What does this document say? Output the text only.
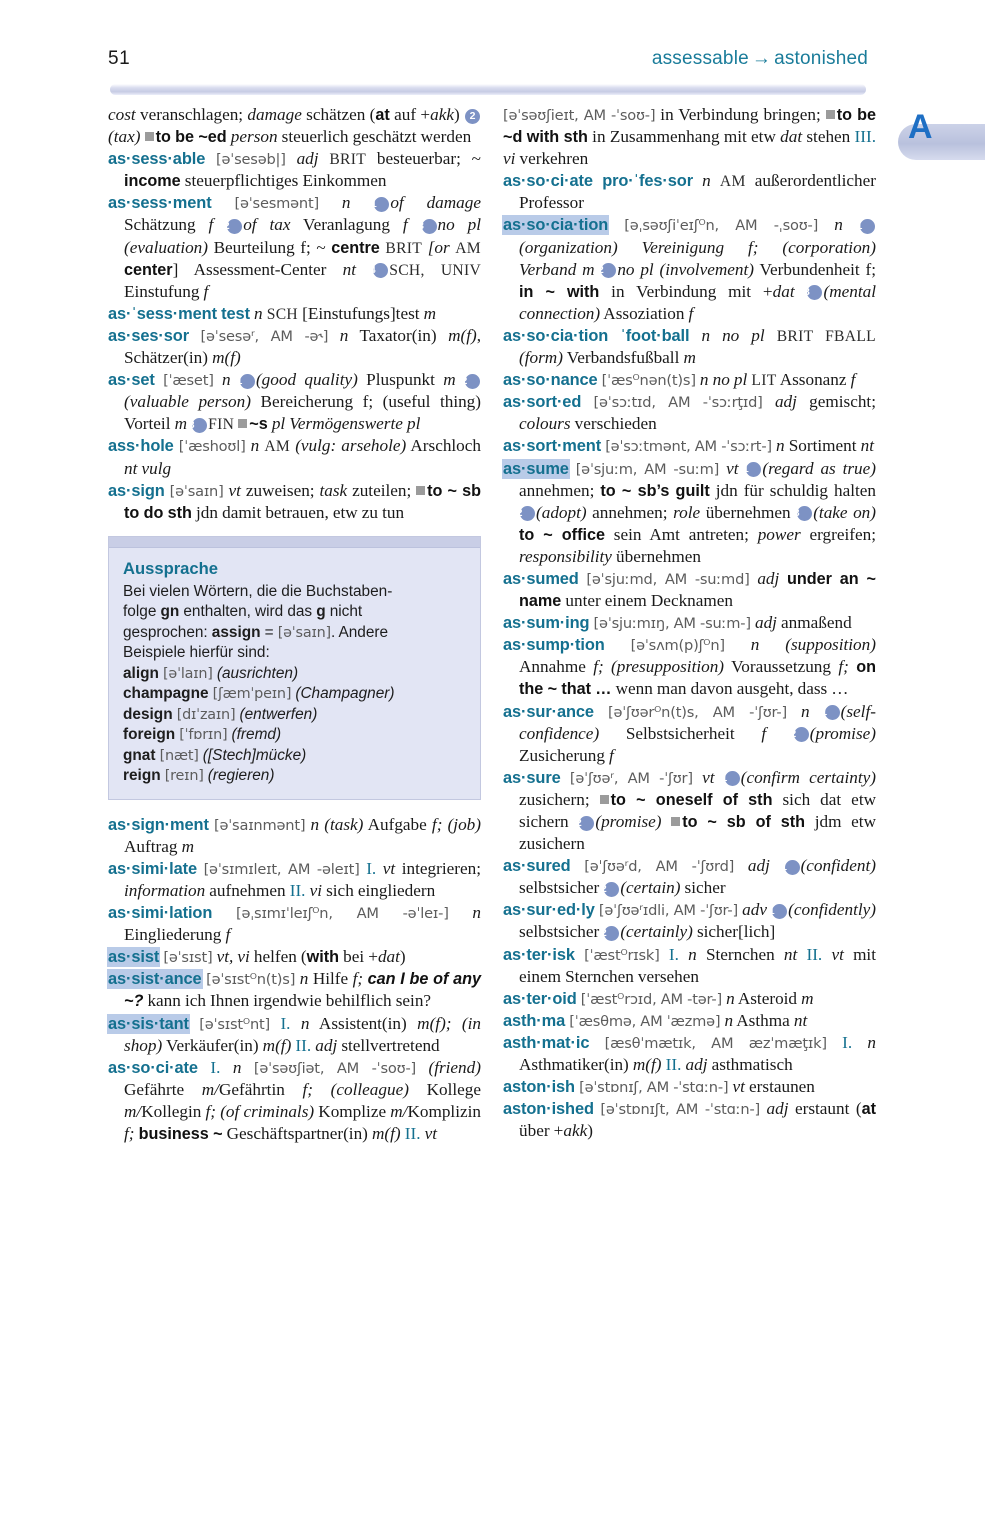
51	assessable → astonished
A

cost veranschlagen; damage schätzen (at auf +akk) 2(tax) to be ~ed person steuerlich geschätzt werden

as·sess·able [əˈsesəb|] adj BRIT besteuerbar; ~ income steuerpflichtiges Einkommen

as·sess·ment [əˈsesmənt] n 1 of damage Schätzung f 2 of tax Veranlagung f 3 no pl (evaluation) Beurteilung f; ~ centre BRIT [or AM center] Assessment-Center nt 4 SCH, UNIV Einstufung f

as·ˈsess·ment test n SCH [Einstufungs]test m

as·ses·sor [əˈsesəʳ, AM -ə˞] n Taxator(in) m(f), Schätzer(in) m(f)

as·set [ˈæset] n 1 (good quality) Pluspunkt m 2(valuable person) Bereicherung f; (useful thing) Vorteil m 3 FIN ~s pl Vermögenswerte pl

ass·hole [ˈæshoʊl] n AM (vulg: arsehole) Arschloch nt vulg

as·sign [əˈsaɪn] vt zuweisen; task zuteilen; to ~ sb to do sth jdn damit betrauen, etw zu tun

Aussprache
Bei vielen Wörtern, die die Buchstaben-
folge gn enthalten, wird das g nicht
gesprochen: assign = [əˈsaɪn]. Andere
Beispiele hierfür sind:
align [əˈlaɪn] (ausrichten)
champagne [ʃæmˈpeɪn] (Champagner)
design [dɪˈzaɪn] (entwerfen)
foreign [ˈfɒrɪn] (fremd)
gnat [næt] ([Stech]mücke)
reign [reɪn] (regieren)

as·sign·ment [əˈsaɪnmənt] n (task) Aufgabe f; (job) Auftrag m

as·simi·late [əˈsɪmɪleɪt, AM -əleɪt] I. vt integrieren; information aufnehmen II. vi sich eingliedern

as·simi·lation [əˌsɪmɪˈleɪʃᴼn, AM -əˈleɪ-] n Eingliederung f

as·sist [əˈsɪst] vt, vi helfen (with bei +dat)

as·sist·ance [əˈsɪstᴼn(t)s] n Hilfe f; can I be of any ~? kann ich Ihnen irgendwie behilflich sein?

as·sis·tant [əˈsɪstᴼnt] I. n Assistent(in) m(f); (in shop) Verkäufer(in) m(f) II. adj stellvertretend

as·so·ci·ate I. n [əˈsəʊʃiət, AM -ˈsoʊ-] (friend) Gefährte m/Gefährtin f; (colleague) Kollege m/Kollegin f; (of criminals) Komplize m/Komplizin f; business ~ Geschäftspartner(in) m(f) II. vt

[əˈsəʊʃieɪt, AM -ˈsoʊ-] in Verbindung bringen; to be ~d with sth in Zusammenhang mit etw dat stehen III. vi verkehren

as·so·ci·ate pro·ˈfes·sor n AM außerordentlicher Professor

as·so·cia·tion [əˌsəʊʃiˈeɪʃᴼn, AM -ˌsoʊ-] n 1(organization) Vereinigung f; (corporation) Verband m 2 no pl (involvement) Verbundenheit f; in ~ with in Verbindung mit +dat 3 (mental connection) Assoziation f

as·so·cia·tion ˈfoot·ball n no pl BRIT FBALL (form) Verbandsfußball m

as·so·nance [ˈæsᴼnən(t)s] n no pl LIT Assonanz f

as·sort·ed [əˈsɔːtɪd, AM -ˈsɔːrţɪd] adj gemischt; colours verschieden

as·sort·ment [əˈsɔːtmənt, AM -ˈsɔːrt-] n Sortiment nt

as·sume [əˈsjuːm, AM -suːm] vt 1 (regard as true) annehmen; to ~ sb’s guilt jdn für schuldig halten 2 (adopt) annehmen; role übernehmen 3 (take on) to ~ office sein Amt antreten; power ergreifen; responsibility übernehmen

as·sumed [əˈsjuːmd, AM -suːmd] adj under an ~ name unter einem Decknamen

as·sum·ing [əˈsjuːmɪŋ, AM -suːm-] adj anmaßend

as·sump·tion [əˈsʌm(p)ʃᴼn] n (supposition) Annahme f; (presupposition) Voraussetzung f; on the ~ that … wenn man davon ausgeht, dass …

as·sur·ance [əˈʃʊərᴼn(t)s, AM -ˈʃʊr-] n 1 (self-confidence) Selbstsicherheit f 2 (promise) Zusicherung f

as·sure [əˈʃʊəʳ, AM -ˈʃʊr] vt 1 (confirm certainty) zusichern; to ~ oneself of sth sich dat etw sichern 2 (promise) to ~ sb of sth jdm etw zusichern

as·sured [əˈʃʊəʳd, AM -ˈʃʊrd] adj 1 (confident) selbstsicher 2 (certain) sicher

as·sur·ed·ly [əˈʃʊəʳɪdli, AM -ˈʃʊr-] adv 1 (confidently) selbstsicher 2 (certainly) sicher[lich]

as·ter·isk [ˈæstᴼrɪsk] I. n Sternchen nt II. vt mit einem Sternchen versehen

as·ter·oid [ˈæstᴼrɔɪd, AM -tər-] n Asteroid m

asth·ma [ˈæsθmə, AM ˈæzmə] n Asthma nt

asth·mat·ic [æsθˈmætɪk, AM æzˈmæţɪk] I. n Asthmatiker(in) m(f) II. adj asthmatisch

aston·ish [əˈstɒnɪʃ, AM -ˈstɑːn-] vt erstaunen

aston·ished [əˈstɒnɪʃt, AM -ˈstɑːn-] adj erstaunt (at über +akk)
